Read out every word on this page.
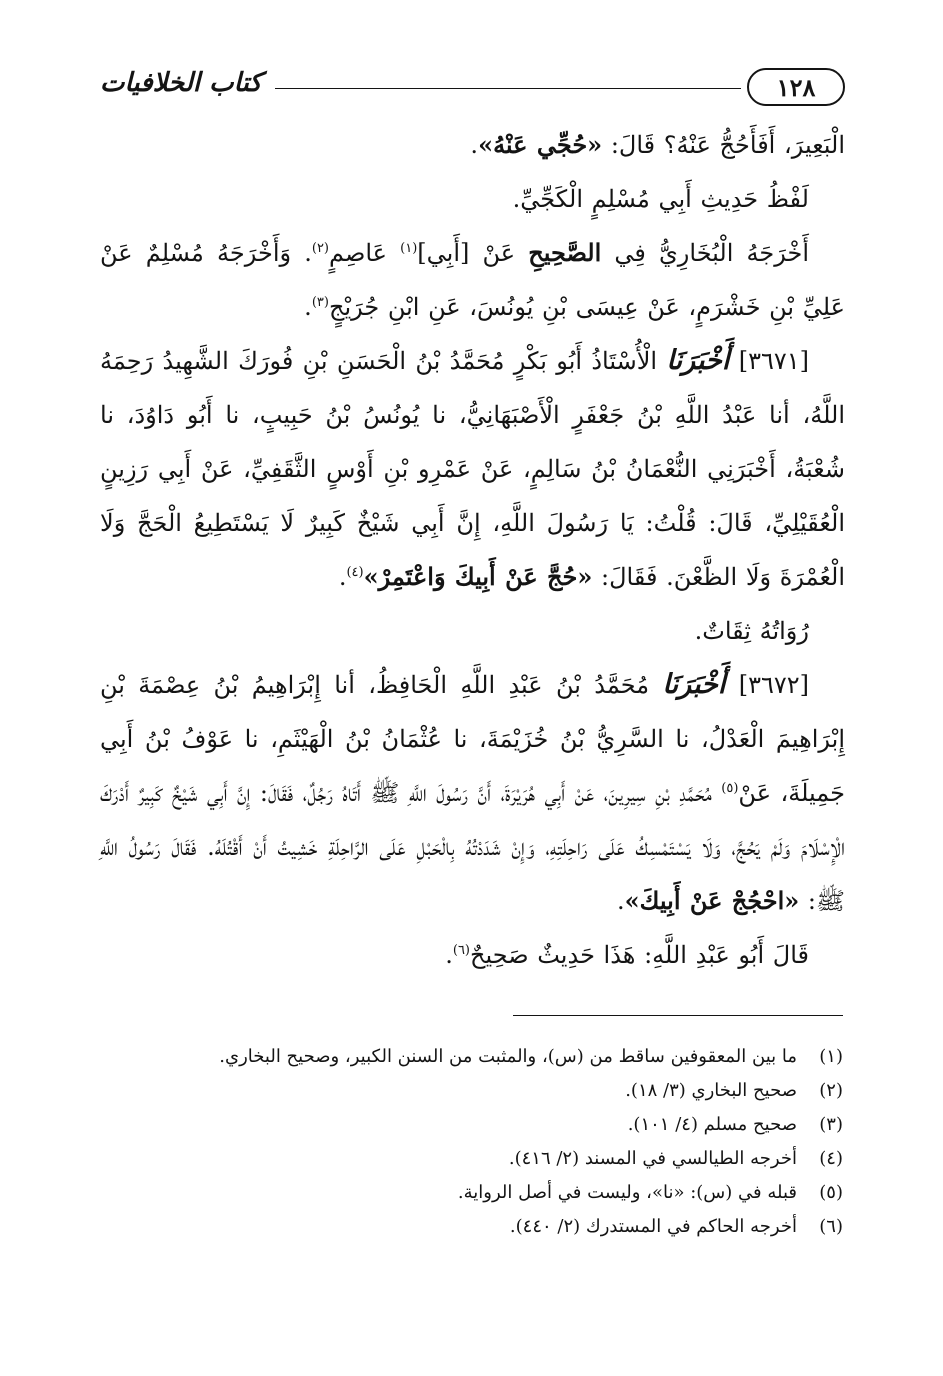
١٢٨
كتاب الخلافيات

الْبَعِيرَ، أَفَأَحُجُّ عَنْهُ؟ قَالَ: «حُجِّي عَنْهُ».

لَفْظُ حَدِيثِ أَبِي مُسْلِمٍ الْكَجِّيِّ.

أَخْرَجَهُ الْبُخَارِيُّ فِي الصَّحِيحِ عَنْ [أَبِي]$^{(١)}$ عَاصِمٍ$^{(٢)}$. وَأَخْرَجَهُ مُسْلِمٌ عَنْ عَلِيِّ بْنِ خَشْرَمٍ، عَنْ عِيسَى بْنِ يُونُسَ، عَنِ ابْنِ جُرَيْجٍ$^{(٣)}$.

[٣٦٧١] أَخْبَرَنَا الْأُسْتَاذُ أَبُو بَكْرٍ مُحَمَّدُ بْنُ الْحَسَنِ بْنِ فُورَكَ الشَّهِيدُ رَحِمَهُ اللَّهُ، أنا عَبْدُ اللَّهِ بْنُ جَعْفَرٍ الْأَصْبَهَانِيُّ، نا يُونُسُ بْنُ حَبِيبٍ، نا أَبُو دَاوُدَ، نا شُعْبَةُ، أَخْبَرَنِي النُّعْمَانُ بْنُ سَالِمٍ، عَنْ عَمْرِو بْنِ أَوْسٍ الثَّقَفِيِّ، عَنْ أَبِي رَزِينٍ الْعُقَيْلِيِّ، قَالَ: قُلْتُ: يَا رَسُولَ اللَّهِ، إِنَّ أَبِي شَيْخٌ كَبِيرٌ لَا يَسْتَطِيعُ الْحَجَّ وَلَا الْعُمْرَةَ وَلَا الظَّعْنَ. فَقَالَ: «حُجَّ عَنْ أَبِيكَ وَاعْتَمِرْ»$^{(٤)}$.

رُوَاتُهُ ثِقَاتٌ.

[٣٦٧٢] أَخْبَرَنَا مُحَمَّدُ بْنُ عَبْدِ اللَّهِ الْحَافِظُ، أنا إِبْرَاهِيمُ بْنُ عِصْمَةَ بْنِ إِبْرَاهِيمَ الْعَدْلُ، نا السَّرِيُّ بْنُ خُزَيْمَةَ، نا عُثْمَانُ بْنُ الْهَيْثَمِ، نا عَوْفُ بْنُ أَبِي جَمِيلَةَ، عَنْ$^{(٥)}$ مُحَمَّدِ بْنِ سِيرِينَ، عَنْ أَبِي هُرَيْرَةَ، أَنَّ رَسُولَ اللَّهِ ﷺ أَتَاهُ رَجُلٌ، فَقَالَ: إِنَّ أَبِي شَيْخٌ كَبِيرٌ أَدْرَكَ الْإِسْلَامَ وَلَمْ يَحُجَّ، وَلَا يَسْتَمْسِكُ عَلَى رَاحِلَتِهِ، وَإِنْ شَدَدْتُهُ بِالْحَبْلِ عَلَى الرَّاحِلَةِ خَشِيتُ أَنْ أَقْتُلَهُ. فَقَالَ رَسُولُ اللَّهِ ﷺ: «احْجُجْ عَنْ أَبِيكَ».

قَالَ أَبُو عَبْدِ اللَّهِ: هَذَا حَدِيثٌ صَحِيحٌ$^{(٦)}$.

(١)
ما بين المعقوفين ساقط من (س)، والمثبت من السنن الكبير، وصحيح البخاري.
(٢)
صحيح البخاري (٣/ ١٨).
(٣)
صحيح مسلم (٤/ ١٠١).
(٤)
أخرجه الطيالسي في المسند (٢/ ٤١٦).
(٥)
قبله في (س): «نا»، وليست في أصل الرواية.
(٦)
أخرجه الحاكم في المستدرك (٢/ ٤٤٠).
